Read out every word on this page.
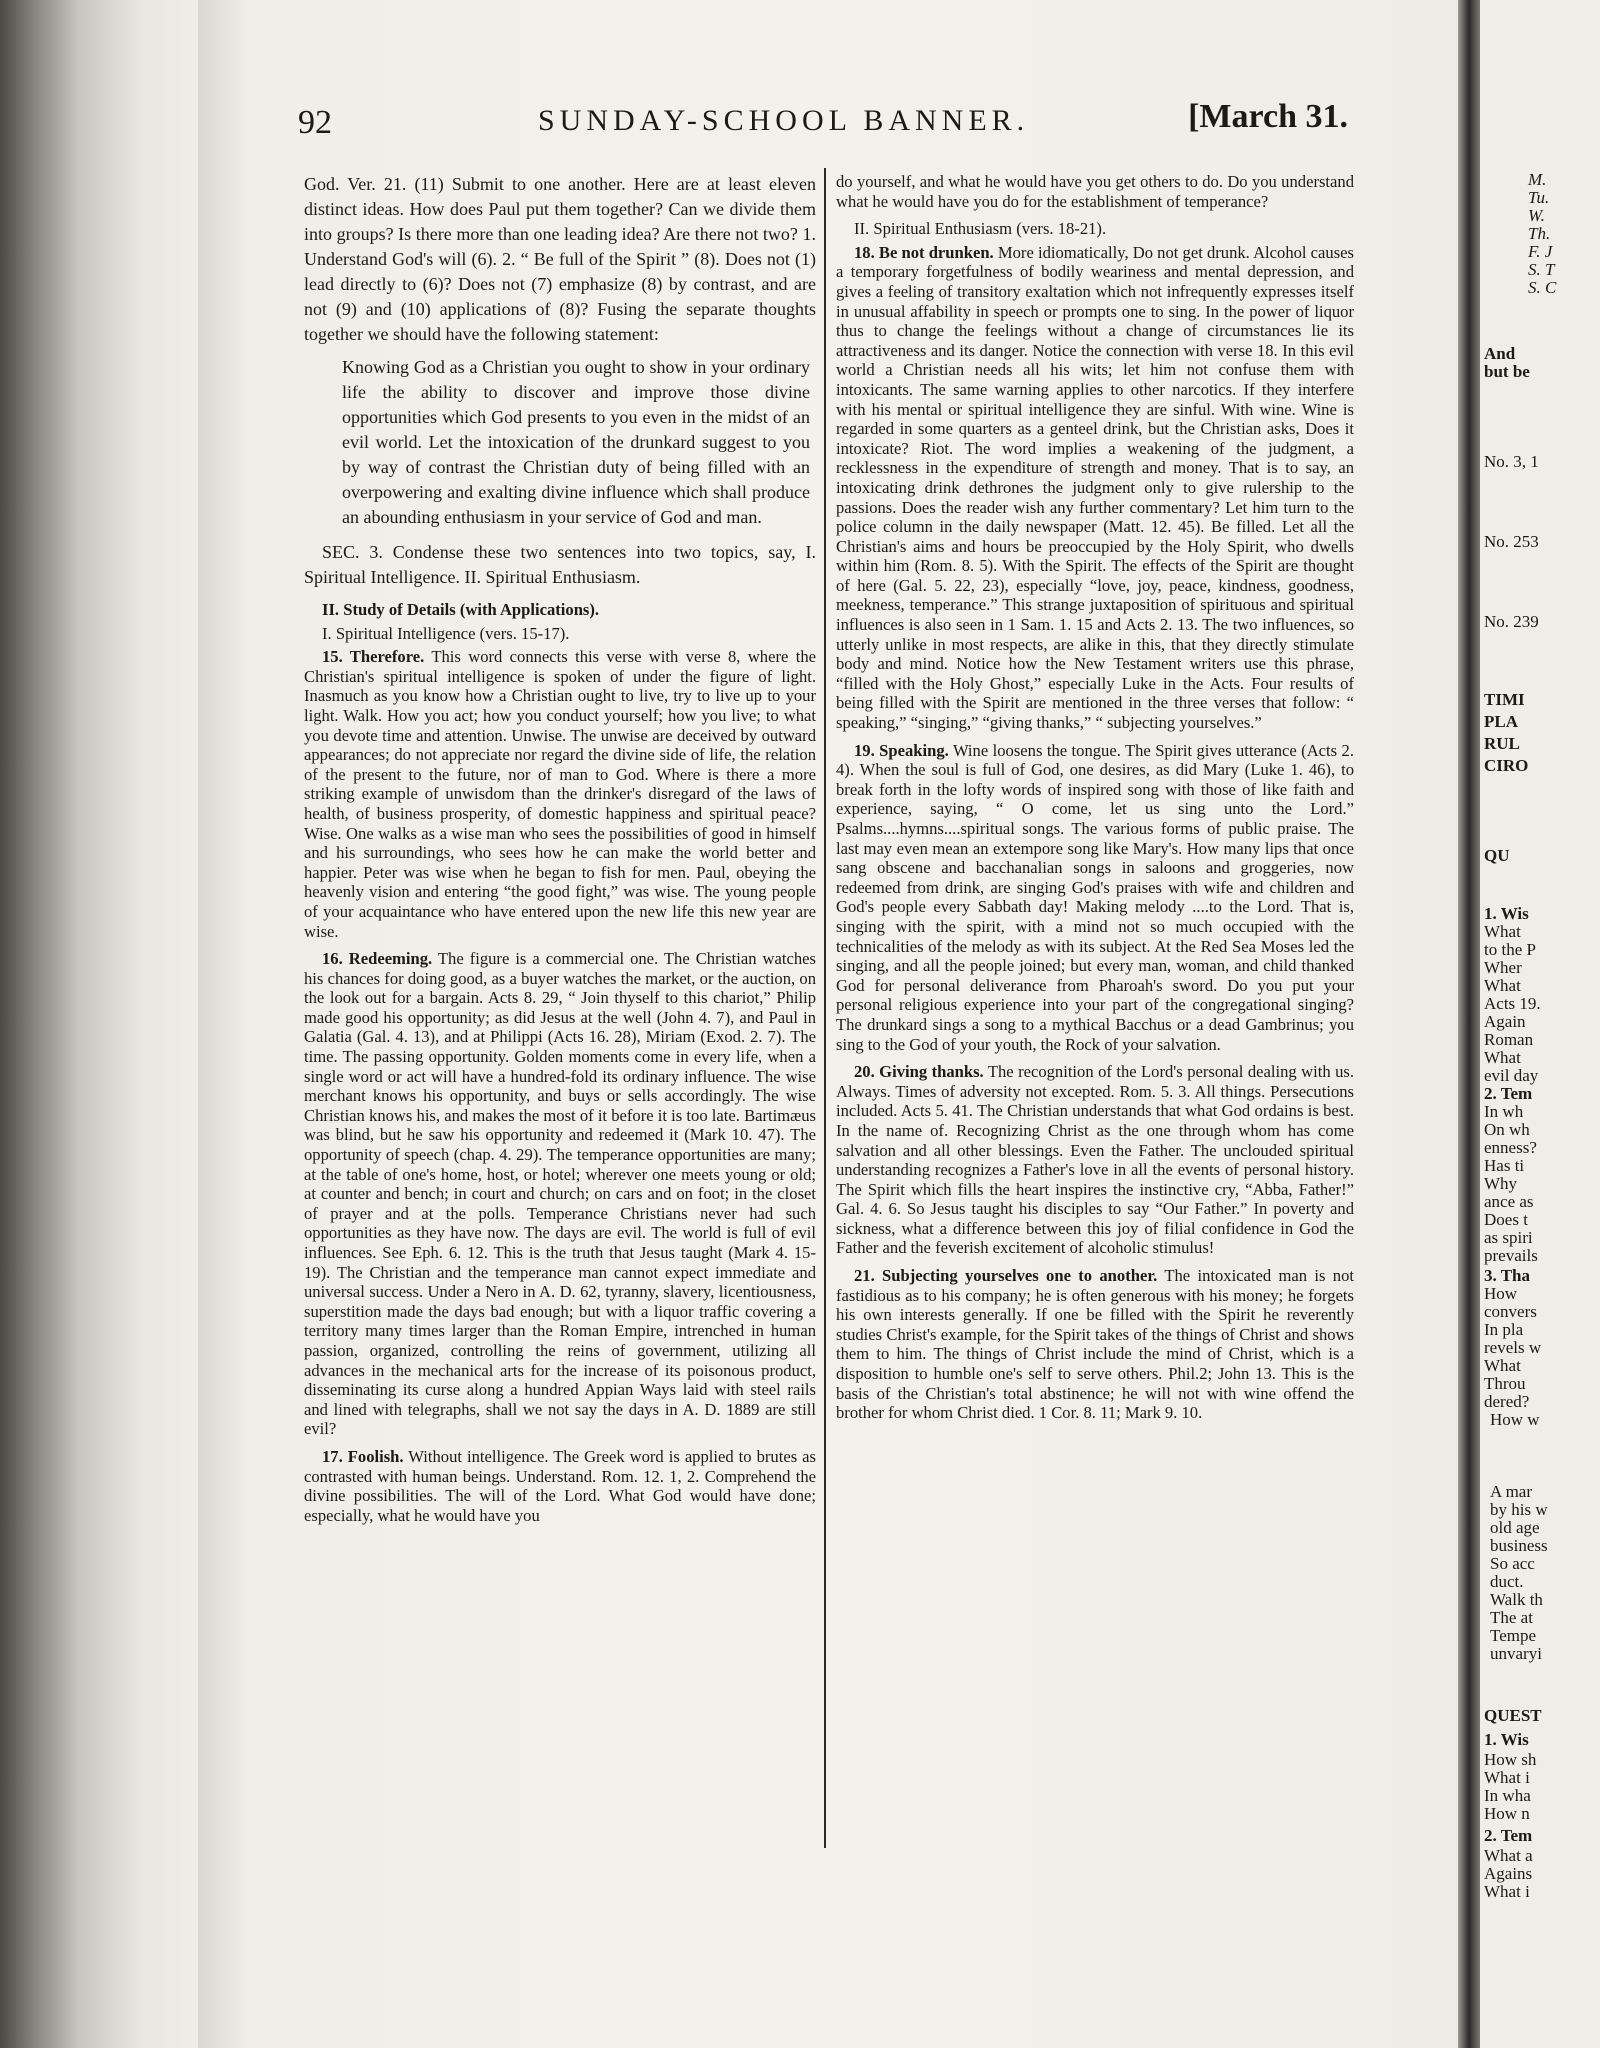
92	SUNDAY-SCHOOL BANNER.	[March 31.

God. Ver. 21. (11) Submit to one another. Here are at least eleven distinct ideas. How does Paul put them together? Can we divide them into groups? Is there more than one leading idea? Are there not two? 1. Understand God's will (6). 2. “ Be full of the Spirit ” (8). Does not (1) lead directly to (6)? Does not (7) emphasize (8) by contrast, and are not (9) and (10) applications of (8)? Fusing the separate thoughts together we should have the following statement:

Knowing God as a Christian you ought to show in your ordinary life the ability to discover and improve those divine opportunities which God presents to you even in the midst of an evil world. Let the intoxication of the drunkard suggest to you by way of contrast the Christian duty of being filled with an overpowering and exalting divine influence which shall produce an abounding enthusiasm in your service of God and man.

SEC. 3. Condense these two sentences into two topics, say, I. Spiritual Intelligence. II. Spiritual Enthusiasm.

II. Study of Details (with Applications).

I. Spiritual Intelligence (vers. 15-17).

15. Therefore. This word connects this verse with verse 8, where the Christian's spiritual intelligence is spoken of under the figure of light. Inasmuch as you know how a Christian ought to live, try to live up to your light. Walk. How you act; how you conduct yourself; how you live; to what you devote time and attention. Unwise. The unwise are deceived by outward appearances; do not appreciate nor regard the divine side of life, the relation of the present to the future, nor of man to God. Where is there a more striking example of unwisdom than the drinker's disregard of the laws of health, of business prosperity, of domestic happiness and spiritual peace? Wise. One walks as a wise man who sees the possibilities of good in himself and his surroundings, who sees how he can make the world better and happier. Peter was wise when he began to fish for men. Paul, obeying the heavenly vision and entering “the good fight,” was wise. The young people of your acquaintance who have entered upon the new life this new year are wise.

16. Redeeming. The figure is a commercial one. The Christian watches his chances for doing good, as a buyer watches the market, or the auction, on the look out for a bargain. Acts 8. 29, “ Join thyself to this chariot,” Philip made good his opportunity; as did Jesus at the well (John 4. 7), and Paul in Galatia (Gal. 4. 13), and at Philippi (Acts 16. 28), Miriam (Exod. 2. 7). The time. The passing opportunity. Golden moments come in every life, when a single word or act will have a hundred-fold its ordinary influence. The wise merchant knows his opportunity, and buys or sells accordingly. The wise Christian knows his, and makes the most of it before it is too late. Bartimæus was blind, but he saw his opportunity and redeemed it (Mark 10. 47). The opportunity of speech (chap. 4. 29). The temperance opportunities are many; at the table of one's home, host, or hotel; wherever one meets young or old; at counter and bench; in court and church; on cars and on foot; in the closet of prayer and at the polls. Temperance Christians never had such opportunities as they have now. The days are evil. The world is full of evil influences. See Eph. 6. 12. This is the truth that Jesus taught (Mark 4. 15-19). The Christian and the temperance man cannot expect immediate and universal success. Under a Nero in A. D. 62, tyranny, slavery, licentiousness, superstition made the days bad enough; but with a liquor traffic covering a territory many times larger than the Roman Empire, intrenched in human passion, organized, controlling the reins of government, utilizing all advances in the mechanical arts for the increase of its poisonous product, disseminating its curse along a hundred Appian Ways laid with steel rails and lined with telegraphs, shall we not say the days in A. D. 1889 are still evil?

17. Foolish. Without intelligence. The Greek word is applied to brutes as contrasted with human beings. Understand. Rom. 12. 1, 2. Comprehend the divine possibilities. The will of the Lord. What God would have done; especially, what he would have you

do yourself, and what he would have you get others to do. Do you understand what he would have you do for the establishment of temperance?

II. Spiritual Enthusiasm (vers. 18-21).

18. Be not drunken. More idiomatically, Do not get drunk. Alcohol causes a temporary forgetfulness of bodily weariness and mental depression, and gives a feeling of transitory exaltation which not infrequently expresses itself in unusual affability in speech or prompts one to sing. In the power of liquor thus to change the feelings without a change of circumstances lie its attractiveness and its danger. Notice the connection with verse 18. In this evil world a Christian needs all his wits; let him not confuse them with intoxicants. The same warning applies to other narcotics. If they interfere with his mental or spiritual intelligence they are sinful. With wine. Wine is regarded in some quarters as a genteel drink, but the Christian asks, Does it intoxicate? Riot. The word implies a weakening of the judgment, a recklessness in the expenditure of strength and money. That is to say, an intoxicating drink dethrones the judgment only to give rulership to the passions. Does the reader wish any further commentary? Let him turn to the police column in the daily newspaper (Matt. 12. 45). Be filled. Let all the Christian's aims and hours be preoccupied by the Holy Spirit, who dwells within him (Rom. 8. 5). With the Spirit. The effects of the Spirit are thought of here (Gal. 5. 22, 23), especially “love, joy, peace, kindness, goodness, meekness, temperance.” This strange juxtaposition of spirituous and spiritual influences is also seen in 1 Sam. 1. 15 and Acts 2. 13. The two influences, so utterly unlike in most respects, are alike in this, that they directly stimulate body and mind. Notice how the New Testament writers use this phrase, “filled with the Holy Ghost,” especially Luke in the Acts. Four results of being filled with the Spirit are mentioned in the three verses that follow: “ speaking,” “singing,” “giving thanks,” “ subjecting yourselves.”

19. Speaking. Wine loosens the tongue. The Spirit gives utterance (Acts 2. 4). When the soul is full of God, one desires, as did Mary (Luke 1. 46), to break forth in the lofty words of inspired song with those of like faith and experience, saying, “ O come, let us sing unto the Lord.” Psalms....hymns....spiritual songs. The various forms of public praise. The last may even mean an extempore song like Mary's. How many lips that once sang obscene and bacchanalian songs in saloons and groggeries, now redeemed from drink, are singing God's praises with wife and children and God's people every Sabbath day! Making melody ....to the Lord. That is, singing with the spirit, with a mind not so much occupied with the technicalities of the melody as with its subject. At the Red Sea Moses led the singing, and all the people joined; but every man, woman, and child thanked God for personal deliverance from Pharoah's sword. Do you put your personal religious experience into your part of the congregational singing? The drunkard sings a song to a mythical Bacchus or a dead Gambrinus; you sing to the God of your youth, the Rock of your salvation.

20. Giving thanks. The recognition of the Lord's personal dealing with us. Always. Times of adversity not excepted. Rom. 5. 3. All things. Persecutions included. Acts 5. 41. The Christian understands that what God ordains is best. In the name of. Recognizing Christ as the one through whom has come salvation and all other blessings. Even the Father. The unclouded spiritual understanding recognizes a Father's love in all the events of personal history. The Spirit which fills the heart inspires the instinctive cry, “Abba, Father!” Gal. 4. 6. So Jesus taught his disciples to say “Our Father.” In poverty and sickness, what a difference between this joy of filial confidence in God the Father and the feverish excitement of alcoholic stimulus!

21. Subjecting yourselves one to another. The intoxicated man is not fastidious as to his company; he is often generous with his money; he forgets his own interests generally. If one be filled with the Spirit he reverently studies Christ's example, for the Spirit takes of the things of Christ and shows them to him. The things of Christ include the mind of Christ, which is a disposition to humble one's self to serve others. Phil.2; John 13. This is the basis of the Christian's total abstinence; he will not with wine offend the brother for whom Christ died. 1 Cor. 8. 11; Mark 9. 10.

M.
Tu.
W.
Th.
F. J
S. T
S. C
And
but be
No. 3, 1
No. 253
No. 239
TIMI
PLA
RUL
CIRO
QU
1. Wis
What
to the P
Wher
What
Acts 19.
Again
Roman
What
evil day
2. Tem
In wh
On wh
enness?
Has ti
Why
ance as
Does t
as spiri
prevails
3. Tha
How
convers
In pla
revels w
What
Throu
dered?
How w
A mar
by his w
old age
business
So acc
duct.
Walk th
The at
Tempe
unvaryi
QUEST
1. Wis
How sh
What i
In wha
How n
2. Tem
What a
Agains
What i
